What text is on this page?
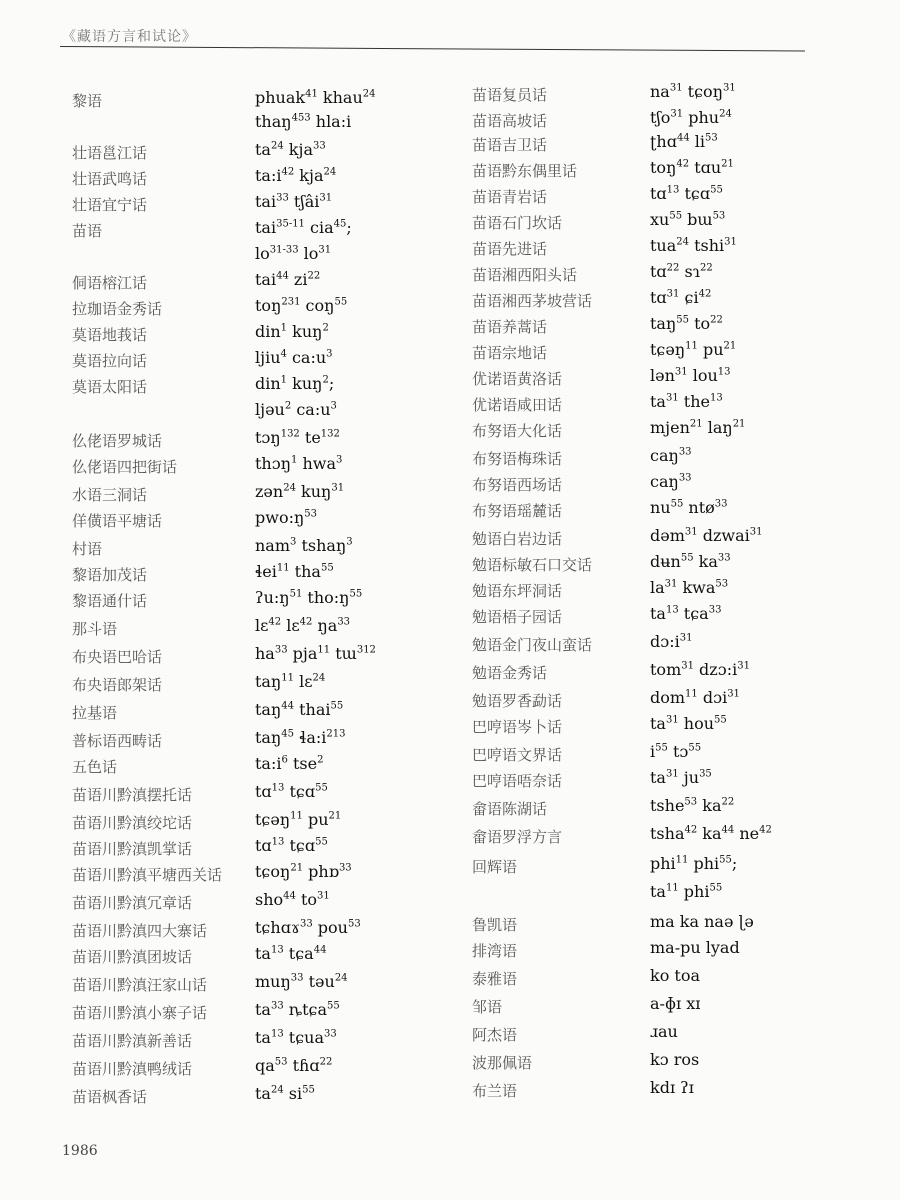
《藏语方言和试论》
黎语	phuak$^{41}$ khau$^{24}$
thaŋ$^{453}$ hla:i
壮语邕江话	$ta^{24}$ kja$^{33}$
壮语武鸣话	$ta:i^{42}$ kja$^{24}$
壮语宜宁话	tai$^{33}$ tʃâi$^{31}$
苗语	tai$^{35-11}$ cia$^{45}$;
$lo^{31-33}$ $lo^{31}$
侗语榕江话	tai$^{44}$ $zi^{22}$
拉珈语金秀话	toŋ$^{231}$ coŋ$^{55}$
莫语地莪话	din$^1$ kuŋ$^2$
莫语拉向话	ljiu$^4$ $ca:u^3$
莫语太阳话	din$^1$ kuŋ$^2$;
ljəu$^2$ $ca:u^3$
仫佬语罗城话	tɔŋ$^{132}$ $te^{132}$
仫佬语四把街话	thɔŋ$^1$ hwa$^3$
水语三洞话	zən$^{24}$ kuŋ$^{31}$
佯僙语平塘话	$pwo:ŋ^{53}$
村语	nam$^3$ tshaŋ$^3$
黎语加茂话	ɬei$^{11}$ tha$^{55}$
黎语通什话	$ʔu:ŋ^{51}$ $tho:ŋ^{55}$
那斗语	lɛ$^{42}$ lɛ$^{42}$ $ŋa^{33}$
布央语巴哈话	$ha^{33}$ pja$^{11}$ tɯ$^{312}$
布央语郎架话	taŋ$^{11}$ lɛ$^{24}$
拉基语	taŋ$^{44}$ thai$^{55}$
普标语西畴话	taŋ$^{45}$ $ɬa:i^{213}$
五色话	$ta:i^6$ tse$^2$
苗语川黔滇摆托话	tɑ$^{13}$ tɕɑ$^{55}$
苗语川黔滇绞坨话	tɕəŋ$^{11}$ $pu^{21}$
苗语川黔滇凯掌话	tɑ$^{13}$ tɕɑ$^{55}$
苗语川黔滇平塘西关话 tɕoŋ$^{21}$ phɒ$^{33}$
苗语川黔滇冗章话	sho$^{44}$ $to^{31}$
苗语川黔滇四大寨话	tɕhɑɤ$^{33}$ pou$^{53}$
苗语川黔滇团坡话	$ta^{13}$ tɕa$^{44}$
苗语川黔滇汪家山话	muŋ$^{33}$ təu$^{24}$
苗语川黔滇小寨子话	$ta^{33}$ ȵtɕa$^{55}$
苗语川黔滇新善话	$ta^{13}$ tɕua$^{33}$
苗语川黔滇鸭绒话	$qa^{53}$ tɦɑ$^{22}$
苗语枫香话	$ta^{24}$ $si^{55}$
苗语复员话	$na^{31}$ tɕoŋ$^{31}$
苗语高坡话	tʃo$^{31}$ phu$^{24}$
苗语吉卫话	ʈhɑ$^{44}$ $li^{53}$
苗语黔东偶里话	toŋ$^{42}$ tɑu$^{21}$
苗语青岩话	tɑ$^{13}$ tɕɑ$^{55}$
苗语石门坎话	$xu^{55}$ bɯ$^{53}$
苗语先进话	tua$^{24}$ tshi$^{31}$
苗语湘西阳头话	tɑ$^{22}$ sɿ$^{22}$
苗语湘西茅坡营话	tɑ$^{31}$ ɕi$^{42}$
苗语养蒿话	taŋ$^{55}$ $to^{22}$
苗语宗地话	tɕəŋ$^{11}$ $pu^{21}$
优诺语黄洛话	lən$^{31}$ lou$^{13}$
优诺语咸田话	$ta^{31}$ the$^{13}$
布努语大化话	mjen$^{21}$ laŋ$^{21}$
布努语梅珠话	caŋ$^{33}$
布努语西场话	caŋ$^{33}$
布努语瑶麓话	$nu^{55}$ ntø$^{33}$
勉语白岩边话	dəm$^{31}$ dzwai$^{31}$
勉语标敏石口交话	dʉn$^{55}$ $ka^{33}$
勉语东坪洞话	$la^{31}$ kwa$^{53}$
勉语梧子园话	$ta^{13}$ tɕa$^{33}$
勉语金门夜山蛮话	$dɔ:i^{31}$
勉语金秀话	tom$^{31}$ $dzɔ:i^{31}$
勉语罗香勐话	dom$^{11}$ dɔi$^{31}$
巴哼语岑卜话	$ta^{31}$ hou$^{55}$
巴哼语文界话	$i^{55}$ tɔ$^{55}$
巴哼语唔奈话	$ta^{31}$ $ju^{35}$
畲语陈湖话	tshe$^{53}$ $ka^{22}$
畲语罗浮方言	tsha$^{42}$ $ka^{44}$ $ne^{42}$
回辉语	phi$^{11}$ phi$^{55}$;
$ta^{11}$ phi$^{55}$
鲁凯语	ma ka naə ɭə
排湾语	ma-pu lyad
泰雅语	ko toa
邹语	a-ɸɪ xɪ
阿杰语	ɹau
波那佩语	kɔ ros
布兰语	kdɪ ʔɪ
1986
